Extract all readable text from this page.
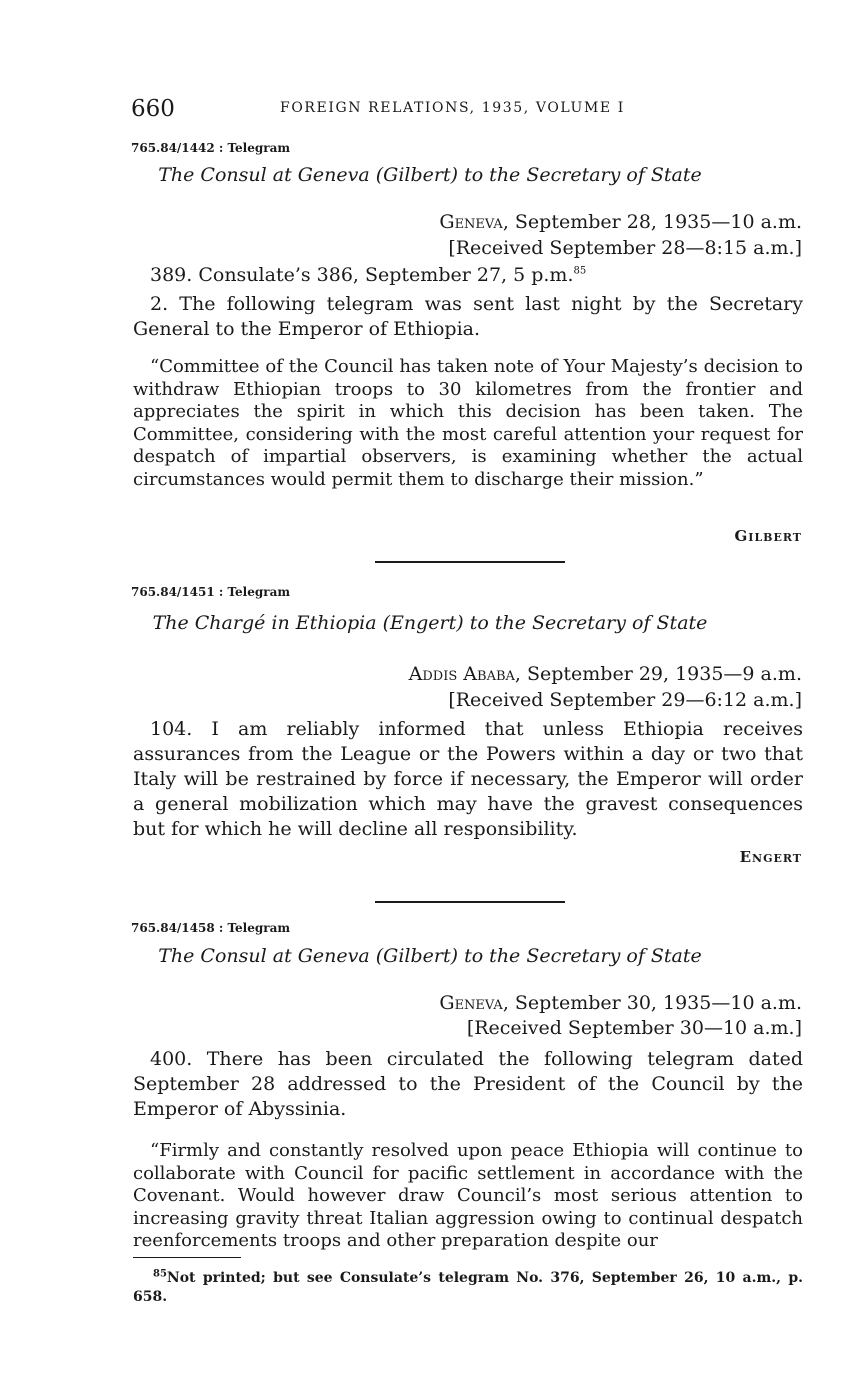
660	FOREIGN RELATIONS, 1935, VOLUME I
765.84/1442 : Telegram
The Consul at Geneva (Gilbert) to the Secretary of State
Geneva, September 28, 1935—10 a.m.
[Received September 28—8:15 a.m.]
389. Consulate’s 386, September 27, 5 p.m.$^{85}$
2. The following telegram was sent last night by the Secretary General to the Emperor of Ethiopia.
“Committee of the Council has taken note of Your Majesty’s decision to withdraw Ethiopian troops to 30 kilometres from the frontier and appreciates the spirit in which this decision has been taken. The Committee, considering with the most careful attention your request for despatch of impartial observers, is examining whether the actual circumstances would permit them to discharge their mission.”
Gilbert
765.84/1451 : Telegram
The Chargé in Ethiopia (Engert) to the Secretary of State
Addis Ababa, September 29, 1935—9 a.m.
[Received September 29—6:12 a.m.]
104. I am reliably informed that unless Ethiopia receives assurances from the League or the Powers within a day or two that Italy will be restrained by force if necessary, the Emperor will order a general mobilization which may have the gravest consequences but for which he will decline all responsibility.
Engert
765.84/1458 : Telegram
The Consul at Geneva (Gilbert) to the Secretary of State
Geneva, September 30, 1935—10 a.m.
[Received September 30—10 a.m.]
400. There has been circulated the following telegram dated September 28 addressed to the President of the Council by the Emperor of Abyssinia.
“Firmly and constantly resolved upon peace Ethiopia will continue to collaborate with Council for pacific settlement in accordance with the Covenant. Would however draw Council’s most serious attention to increasing gravity threat Italian aggression owing to continual despatch reenforcements troops and other preparation despite our
$^{85}$Not printed; but see Consulate’s telegram No. 376, September 26, 10 a.m., p. 658.
